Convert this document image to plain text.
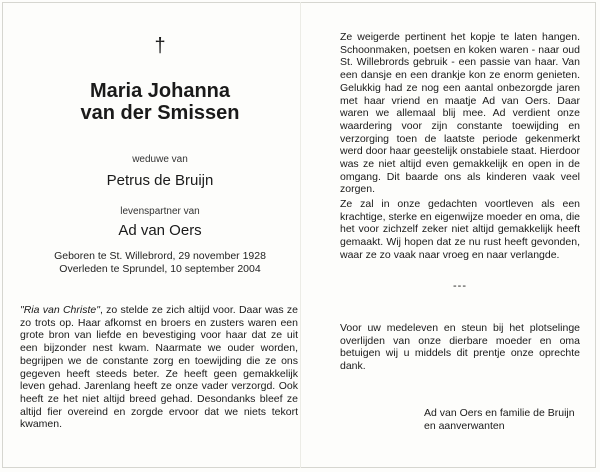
†
Maria Johanna
van der Smissen
weduwe van
Petrus de Bruijn
levenspartner van
Ad van Oers
Geboren te St. Willebrord, 29 november 1928
Overleden te Sprundel, 10 september 2004

"Ria van Christe", zo stelde ze zich altijd voor. Daar was ze zo trots op. Haar afkomst en broers en zusters waren een grote bron van liefde en bevestiging voor haar dat ze uit een bijzonder nest kwam. Naarmate we ouder worden, begrijpen we de constante zorg en toewijding die ze ons gegeven heeft steeds beter. Ze heeft geen gemakkelijk leven gehad. Jarenlang heeft ze onze vader verzorgd. Ook heeft ze het niet altijd breed gehad. Desondanks bleef ze altijd fier overeind en zorgde ervoor dat we niets tekort kwamen.

Ze weigerde pertinent het kopje te laten hangen. Schoonmaken, poetsen en koken waren - naar oud St. Willebrords gebruik - een passie van haar. Van een dansje en een drankje kon ze enorm genieten. Gelukkig had ze nog een aantal onbezorgde jaren met haar vriend en maatje Ad van Oers. Daar waren we allemaal blij mee. Ad verdient onze waardering voor zijn constante toewijding en verzorging toen de laatste periode gekenmerkt werd door haar geestelijk onstabiele staat. Hierdoor was ze niet altijd even gemakkelijk en open in de omgang. Dit baarde ons als kinderen vaak veel zorgen.
Ze zal in onze gedachten voortleven als een krachtige, sterke en eigenwijze moeder en oma, die het voor zichzelf zeker niet altijd gemakkelijk heeft gemaakt. Wij hopen dat ze nu rust heeft gevonden, waar ze zo vaak naar vroeg en naar verlangde.
---
Voor uw medeleven en steun bij het plotselinge overlijden van onze dierbare moeder en oma betuigen wij u middels dit prentje onze oprechte dank.
Ad van Oers en familie de Bruijn
en aanverwanten
